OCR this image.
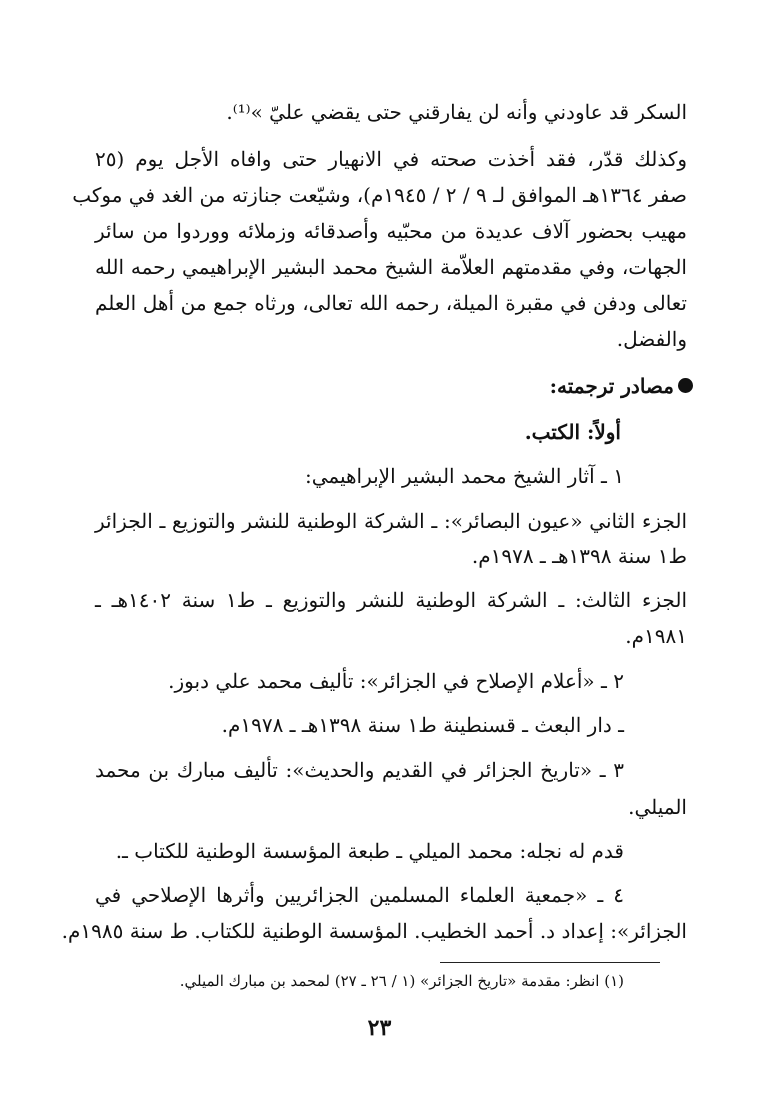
السكر قد عاودني وأنه لن يفارقني حتى يقضي عليّ »⁽¹⁾.
وكذلك قدّر، فقد أخذت صحته في الانهيار حتى وافاه الأجل يوم (٢٥
صفر ١٣٦٤هـ الموافق لـ ٩ / ٢ / ١٩٤٥م)، وشيّعت جنازته من الغد في موكب
مهيب بحضور آلاف عديدة من محبّيه وأصدقائه وزملائه ووردوا من سائر
الجهات، وفي مقدمتهم العلاّمة الشيخ محمد البشير الإبراهيمي رحمه الله
تعالى ودفن في مقبرة الميلة، رحمه الله تعالى، ورثاه جمع من أهل العلم
والفضل.
مصادر ترجمته:
أولاً: الكتب.
١ ـ آثار الشيخ محمد البشير الإبراهيمي:
الجزء الثاني «عيون البصائر»: ـ الشركة الوطنية للنشر والتوزيع ـ الجزائر
ط١ سنة ١٣٩٨هـ ـ ١٩٧٨م.
الجزء الثالث: ـ الشركة الوطنية للنشر والتوزيع ـ ط١ سنة ١٤٠٢هـ ـ
١٩٨١م.
٢ ـ «أعلام الإصلاح في الجزائر»: تأليف محمد علي دبوز.
ـ دار البعث ـ قسنطينة ط١ سنة ١٣٩٨هـ ـ ١٩٧٨م.
٣ ـ «تاريخ الجزائر في القديم والحديث»: تأليف مبارك بن محمد
الميلي.
قدم له نجله: محمد الميلي ـ طبعة المؤسسة الوطنية للكتاب ـ.
٤ ـ «جمعية العلماء المسلمين الجزائريين وأثرها الإصلاحي في
الجزائر»: إعداد د. أحمد الخطيب. المؤسسة الوطنية للكتاب. ط سنة ١٩٨٥م.
(١) انظر: مقدمة «تاريخ الجزائر» (١ / ٢٦ ـ ٢٧) لمحمد بن مبارك الميلي.
٢٣
